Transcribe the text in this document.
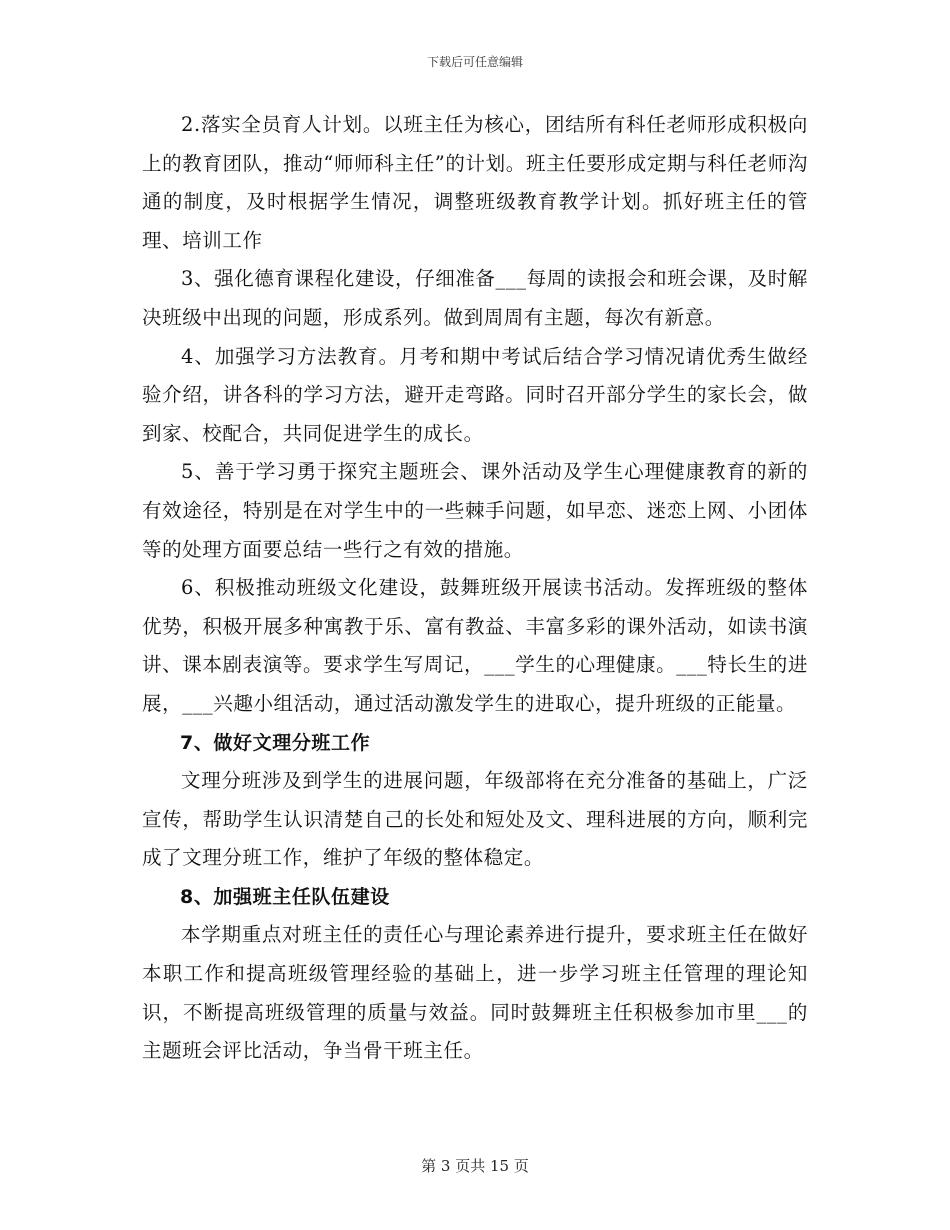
下载后可任意编辑

2.落实全员育人计划。以班主任为核心，团结所有科任老师形成积极向上的教育团队，推动“师师科主任”的计划。班主任要形成定期与科任老师沟通的制度，及时根据学生情况，调整班级教育教学计划。抓好班主任的管理、培训工作

3、强化德育课程化建设，仔细准备___每周的读报会和班会课，及时解决班级中出现的问题，形成系列。做到周周有主题，每次有新意。

4、加强学习方法教育。月考和期中考试后结合学习情况请优秀生做经验介绍，讲各科的学习方法，避开走弯路。同时召开部分学生的家长会，做到家、校配合，共同促进学生的成长。

5、善于学习勇于探究主题班会、课外活动及学生心理健康教育的新的有效途径，特别是在对学生中的一些棘手问题，如早恋、迷恋上网、小团体等的处理方面要总结一些行之有效的措施。

6、积极推动班级文化建设，鼓舞班级开展读书活动。发挥班级的整体优势，积极开展多种寓教于乐、富有教益、丰富多彩的课外活动，如读书演讲、课本剧表演等。要求学生写周记，___学生的心理健康。___特长生的进展，___兴趣小组活动，通过活动激发学生的进取心，提升班级的正能量。

7、做好文理分班工作

文理分班涉及到学生的进展问题，年级部将在充分准备的基础上，广泛宣传，帮助学生认识清楚自己的长处和短处及文、理科进展的方向，顺利完成了文理分班工作，维护了年级的整体稳定。

8、加强班主任队伍建设

本学期重点对班主任的责任心与理论素养进行提升，要求班主任在做好本职工作和提高班级管理经验的基础上，进一步学习班主任管理的理论知识，不断提高班级管理的质量与效益。同时鼓舞班主任积极参加市里___的主题班会评比活动，争当骨干班主任。

第 3 页共 15 页
